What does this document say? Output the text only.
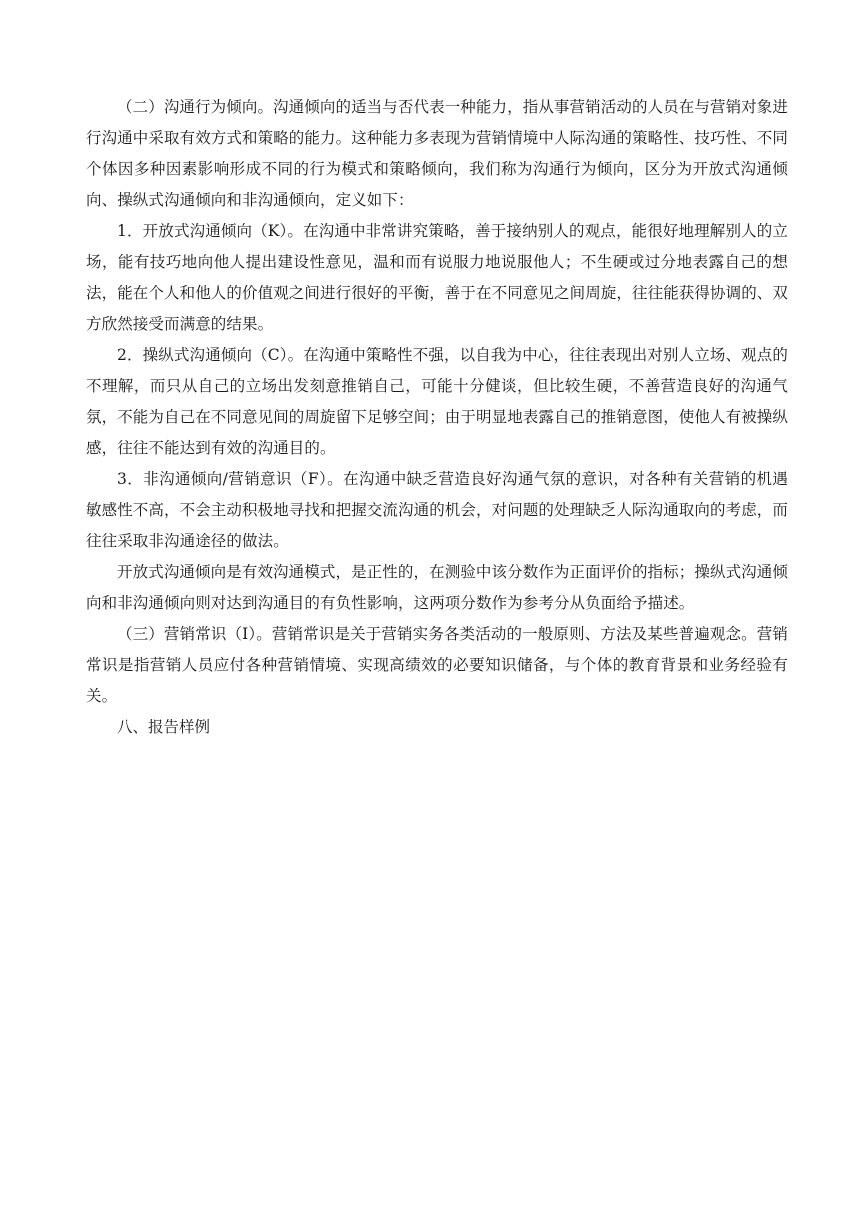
（二）沟通行为倾向。沟通倾向的适当与否代表一种能力，指从事营销活动的人员在与营销对象进行沟通中采取有效方式和策略的能力。这种能力多表现为营销情境中人际沟通的策略性、技巧性、不同个体因多种因素影响形成不同的行为模式和策略倾向，我们称为沟通行为倾向，区分为开放式沟通倾向、操纵式沟通倾向和非沟通倾向，定义如下：

1．开放式沟通倾向（K）。在沟通中非常讲究策略，善于接纳别人的观点，能很好地理解别人的立场，能有技巧地向他人提出建设性意见，温和而有说服力地说服他人；不生硬或过分地表露自己的想法，能在个人和他人的价值观之间进行很好的平衡，善于在不同意见之间周旋，往往能获得协调的、双方欣然接受而满意的结果。

2．操纵式沟通倾向（C）。在沟通中策略性不强，以自我为中心，往往表现出对别人立场、观点的不理解，而只从自己的立场出发刻意推销自己，可能十分健谈，但比较生硬，不善营造良好的沟通气氛，不能为自己在不同意见间的周旋留下足够空间；由于明显地表露自己的推销意图，使他人有被操纵感，往往不能达到有效的沟通目的。

3．非沟通倾向/营销意识（F）。在沟通中缺乏营造良好沟通气氛的意识，对各种有关营销的机遇敏感性不高，不会主动积极地寻找和把握交流沟通的机会，对问题的处理缺乏人际沟通取向的考虑，而往往采取非沟通途径的做法。

开放式沟通倾向是有效沟通模式，是正性的，在测验中该分数作为正面评价的指标；操纵式沟通倾向和非沟通倾向则对达到沟通目的有负性影响，这两项分数作为参考分从负面给予描述。

（三）营销常识（I）。营销常识是关于营销实务各类活动的一般原则、方法及某些普遍观念。营销常识是指营销人员应付各种营销情境、实现高绩效的必要知识储备，与个体的教育背景和业务经验有关。

八、报告样例
